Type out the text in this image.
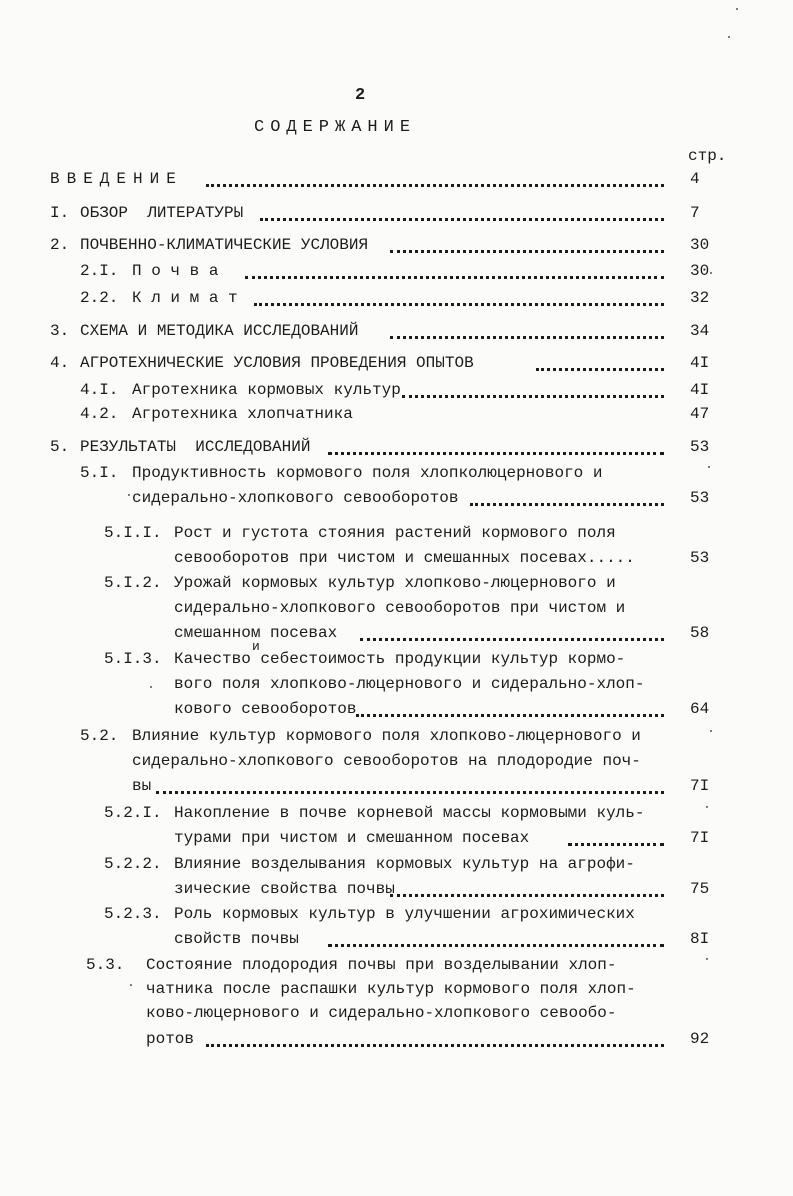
2
СОДЕРЖАНИЕ
стр.
ВВЕДЕНИЕ	4
I. ОБЗОР  ЛИТЕРАТУРЫ	7
2. ПОЧВЕННО-КЛИМАТИЧЕСКИЕ УСЛОВИЯ	30
2.I. П о ч в а	30
2.2. К л и м а т	32
3. СХЕМА И МЕТОДИКА ИССЛЕДОВАНИЙ	34
4. АГРОТЕХНИЧЕСКИЕ УСЛОВИЯ ПРОВЕДЕНИЯ ОПЫТОВ	4I
4.I. Агротехника кормовых культур	4I
4.2. Агротехника хлопчатника	47
5. РЕЗУЛЬТАТЫ  ИССЛЕДОВАНИЙ	53
5.I. Продуктивность кормового поля хлопколюцернового и
сидерально-хлопкового севооборотов	53
5.I.I. Рост и густота стояния растений кормового поля
севооборотов при чистом и смешанных посевах.....	53
5.I.2. Урожай кормовых культур хлопково-люцернового и
сидерально-хлопкового севооборотов при чистом и
смешанном посевах	58
5.I.3. Качество себестоимость продукции культур кормо-
и
вого поля хлопково-люцернового и сидерально-хлоп-
кового севооборотов	64
5.2. Влияние культур кормового поля хлопково-люцернового и
сидерально-хлопкового севооборотов на плодородие поч-
вы	7I
5.2.I. Накопление в почве корневой массы кормовыми куль-
турами при чистом и смешанном посевах	7I
5.2.2. Влияние возделывания кормовых культур на агрофи-
зические свойства почвы	75
5.2.3. Роль кормовых культур в улучшении агрохимических
свойств почвы	8I
5.3. Состояние плодородия почвы при возделывании хлоп-
чатника после распашки культур кормового поля хлоп-
ково-люцернового и сидерально-хлопкового севообо-
ротов	92
